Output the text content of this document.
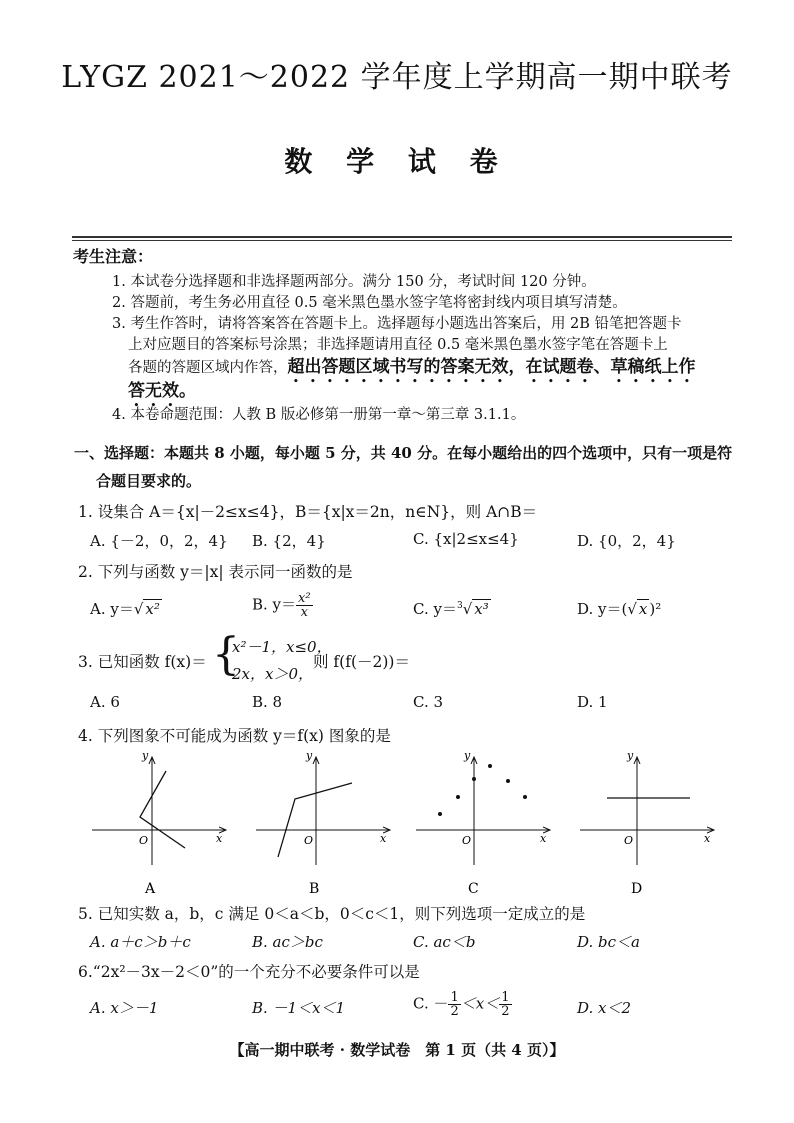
LYGZ 2021～2022 学年度上学期高一期中联考
数 学 试 卷
考生注意：
1. 本试卷分选择题和非选择题两部分。满分 150 分，考试时间 120 分钟。
2. 答题前，考生务必用直径 0.5 毫米黑色墨水签字笔将密封线内项目填写清楚。
3. 考生作答时，请将答案答在答题卡上。选择题每小题选出答案后，用 2B 铅笔把答题卡
上对应题目的答案标号涂黑；非选择题请用直径 0.5 毫米黑色墨水签字笔在答题卡上
各题的答题区域内作答，超出答题区域书写的答案无效，在试题卷、草稿纸上作
答无效。
4. 本卷命题范围：人教 B 版必修第一册第一章～第三章 3.1.1。
一、选择题：本题共 8 小题，每小题 5 分，共 40 分。在每小题给出的四个选项中，只有一项是符
合题目要求的。
1. 设集合 A＝{x|－2≤x≤4}，B＝{x|x＝2n，n∈N}，则 A∩B＝
A. {－2，0，2，4} B. {2，4}	C. {x|2≤x≤4}	D. {0，2，4}
2. 下列与函数 y＝|x| 表示同一函数的是
A. y＝√ x²	B. $y= \frac{\text{x²}}{x}$	C. y＝$^3$√ x³	D. y＝(√ x )²
3. 已知函数 f(x)＝ {
x²－1，x≤0，
2x，x＞0，
则 f(f(－2))＝
A. 6	B. 8	C. 3	D. 1
4. 下列图象不可能成为函数 y＝f(x) 图象的是
y
x
O
A
y
x
O
B
y
x
O
C
y
x
O
D
5. 已知实数 a，b，c 满足 0＜a＜b，0＜c＜1，则下列选项一定成立的是
A. a＋c＞b＋c	B. ac＞bc	C. ac＜b	D. bc＜a
6.“2x²－3x－2＜0”的一个充分不必要条件可以是
A. x＞－1	B. －1＜x＜1	C. － $\frac{1}{2} <x< \frac{1}{2}$	D. x＜2
【高一期中联考 · 数学试卷　第 1 页（共 4 页）】
